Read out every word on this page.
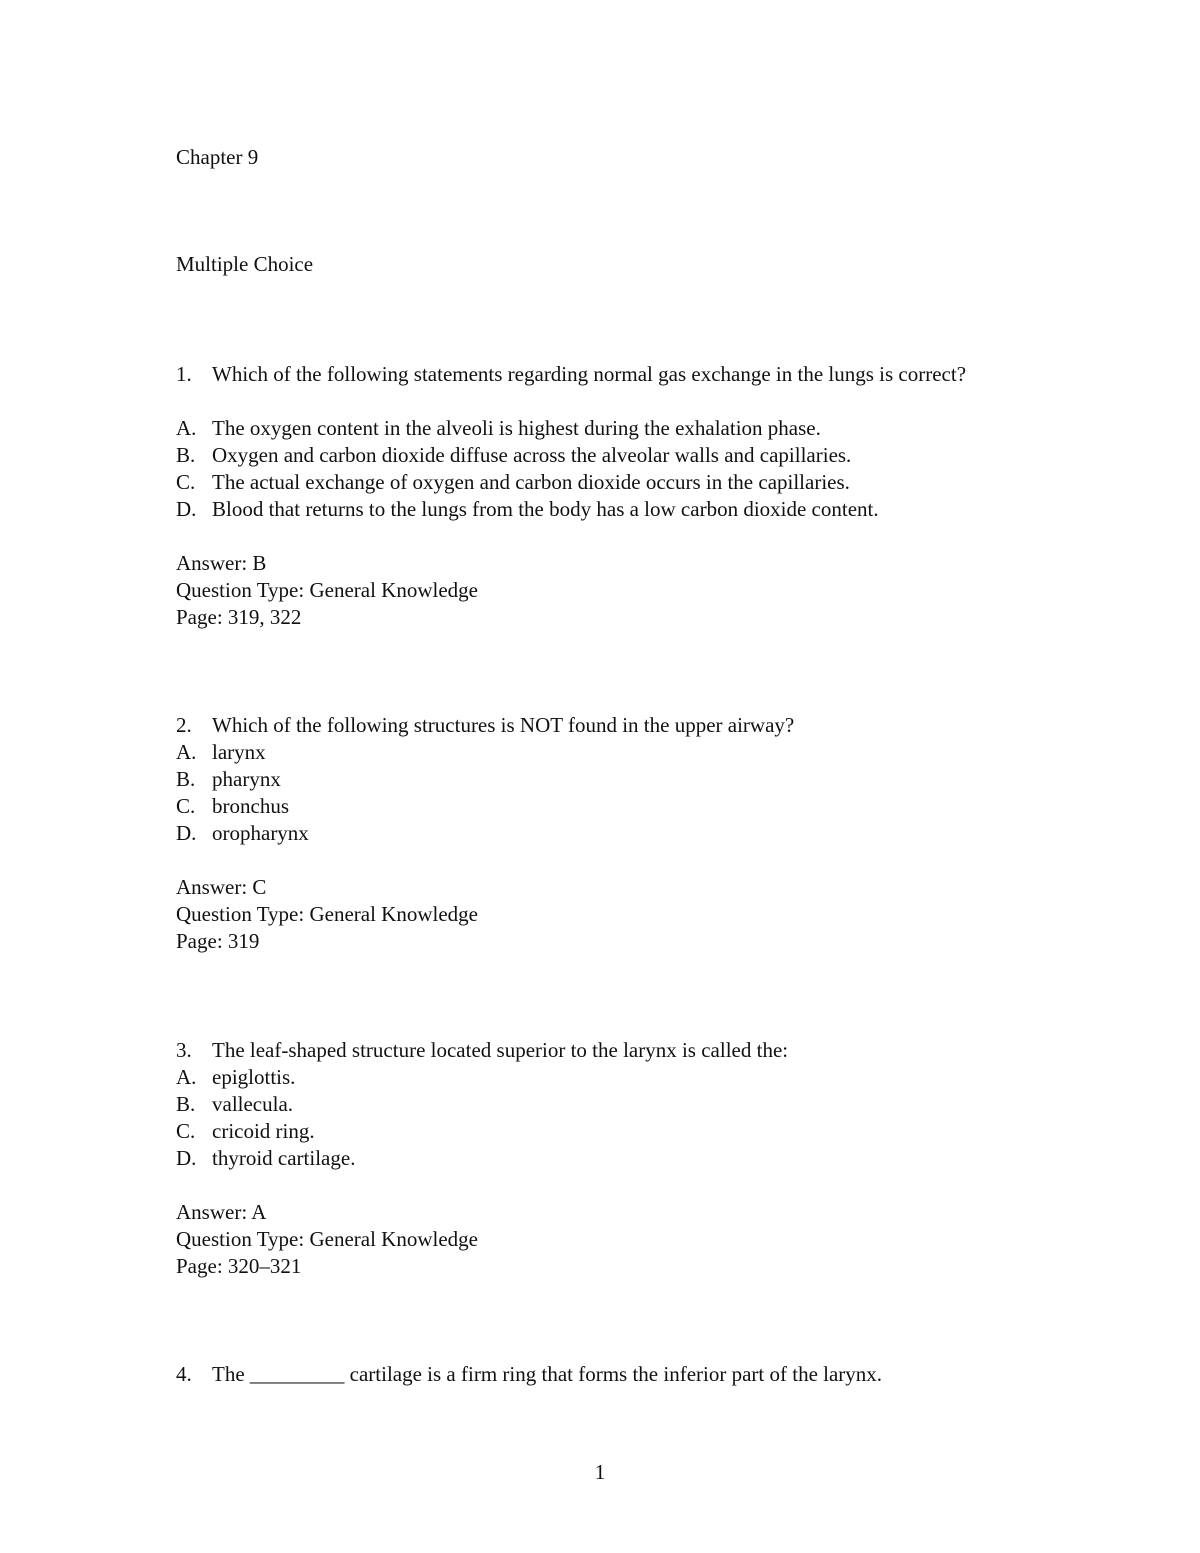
Chapter 9
Multiple Choice
1. Which of the following statements regarding normal gas exchange in the lungs is correct?
A. The oxygen content in the alveoli is highest during the exhalation phase.
B. Oxygen and carbon dioxide diffuse across the alveolar walls and capillaries.
C. The actual exchange of oxygen and carbon dioxide occurs in the capillaries.
D. Blood that returns to the lungs from the body has a low carbon dioxide content.
Answer: B
Question Type: General Knowledge
Page: 319, 322
2. Which of the following structures is NOT found in the upper airway?
A. larynx
B. pharynx
C. bronchus
D. oropharynx
Answer: C
Question Type: General Knowledge
Page: 319
3. The leaf-shaped structure located superior to the larynx is called the:
A. epiglottis.
B. vallecula.
C. cricoid ring.
D. thyroid cartilage.
Answer: A
Question Type: General Knowledge
Page: 320–321
4. The _________ cartilage is a firm ring that forms the inferior part of the larynx.
1
